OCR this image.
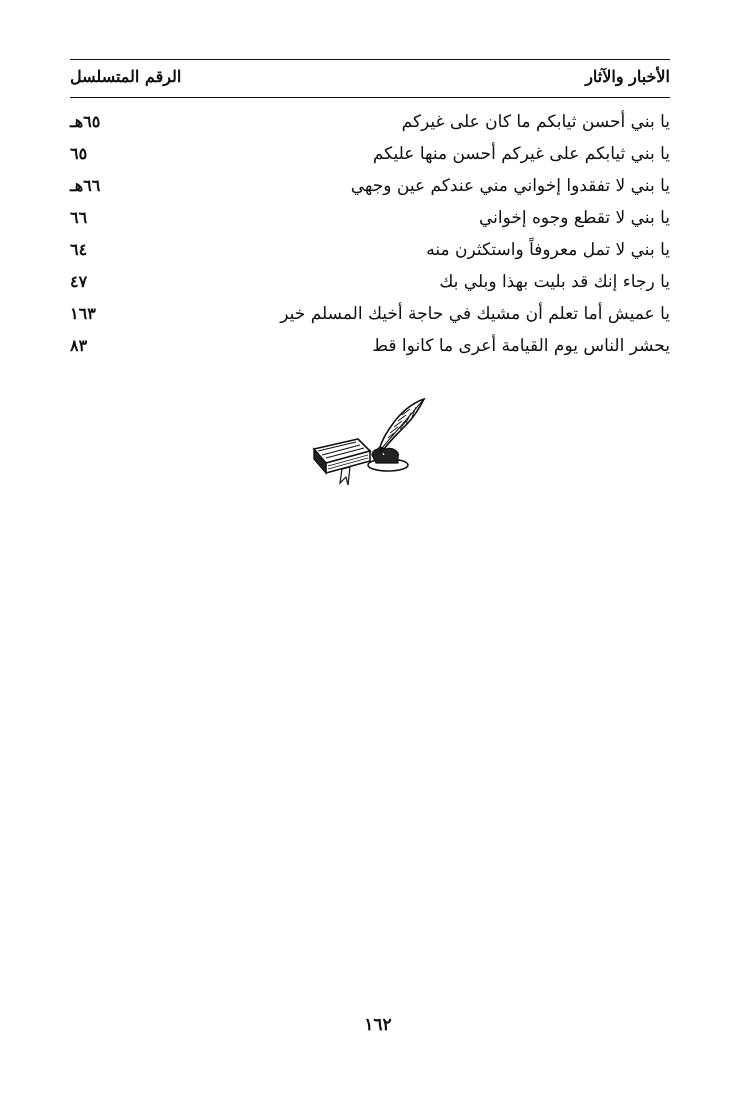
الأخبار والآثار
الرقم المتسلسل
يا بني أحسن ثيابكم ما كان على غيركم
٦٥هـ
يا بني ثيابكم على غيركم أحسن منها عليكم
٦٥
يا بني لا تفقدوا إخواني مني عندكم عين وجهي
٦٦هـ
يا بني لا تقطع وجوه إخواني
٦٦
يا بني لا تمل معروفاً واستكثرن منه
٦٤
يا رجاء إنك قد بليت بهذا وبلي بك
٤٧
يا عميش أما تعلم أن مشيك في حاجة أخيك المسلم خير
١٦٣
يحشر الناس يوم القيامة أعرى ما كانوا قط
٨٣
١٦٢
